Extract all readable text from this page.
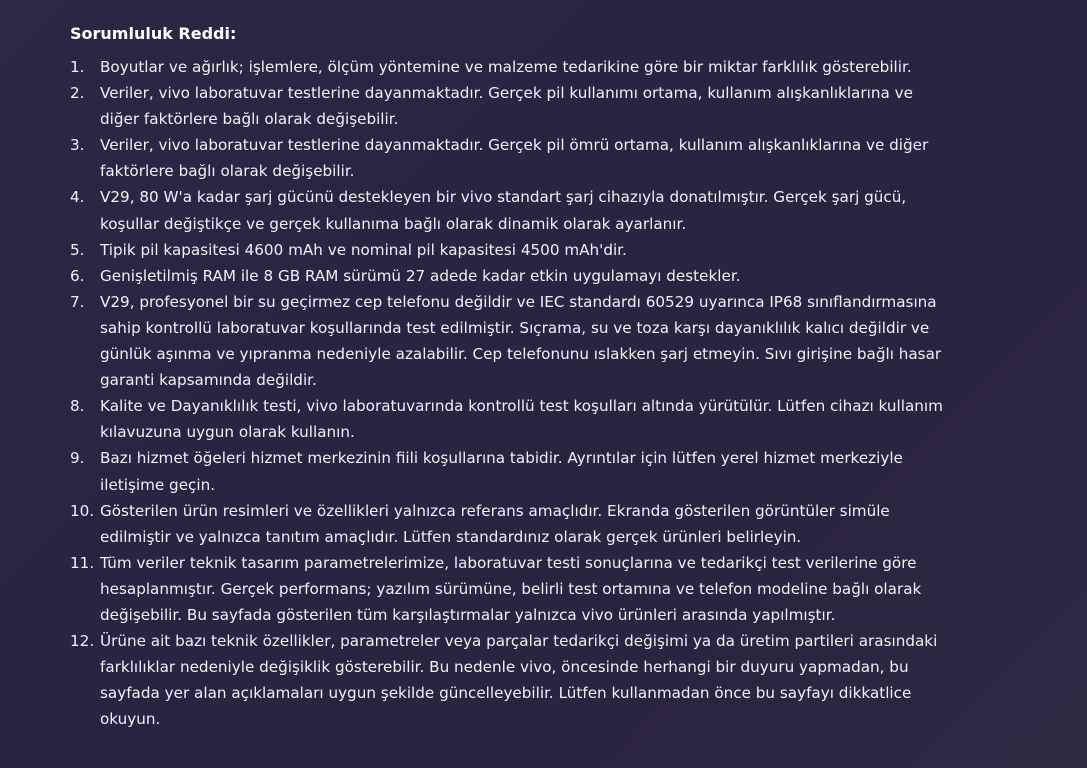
Sorumluluk Reddi:
1.	Boyutlar ve ağırlık; işlemlere, ölçüm yöntemine ve malzeme tedarikine göre bir miktar farklılık gösterebilir.
2.	Veriler, vivo laboratuvar testlerine dayanmaktadır. Gerçek pil kullanımı ortama, kullanım alışkanlıklarına ve diğer faktörlere bağlı olarak değişebilir.
3.	Veriler, vivo laboratuvar testlerine dayanmaktadır. Gerçek pil ömrü ortama, kullanım alışkanlıklarına ve diğer faktörlere bağlı olarak değişebilir.
4.	V29, 80 W'a kadar şarj gücünü destekleyen bir vivo standart şarj cihazıyla donatılmıştır. Gerçek şarj gücü, koşullar değiştikçe ve gerçek kullanıma bağlı olarak dinamik olarak ayarlanır.
5.	Tipik pil kapasitesi 4600 mAh ve nominal pil kapasitesi 4500 mAh'dir.
6.	Genişletilmiş RAM ile 8 GB RAM sürümü 27 adede kadar etkin uygulamayı destekler.
7.	V29, profesyonel bir su geçirmez cep telefonu değildir ve IEC standardı 60529 uyarınca IP68 sınıflandırmasına sahip kontrollü laboratuvar koşullarında test edilmiştir. Sıçrama, su ve toza karşı dayanıklılık kalıcı değildir ve günlük aşınma ve yıpranma nedeniyle azalabilir. Cep telefonunu ıslakken şarj etmeyin. Sıvı girişine bağlı hasar garanti kapsamında değildir.
8.	Kalite ve Dayanıklılık testi, vivo laboratuvarında kontrollü test koşulları altında yürütülür. Lütfen cihazı kullanım kılavuzuna uygun olarak kullanın.
9.	Bazı hizmet öğeleri hizmet merkezinin fiili koşullarına tabidir. Ayrıntılar için lütfen yerel hizmet merkeziyle iletişime geçin.
10. Gösterilen ürün resimleri ve özellikleri yalnızca referans amaçlıdır. Ekranda gösterilen görüntüler simüle edilmiştir ve yalnızca tanıtım amaçlıdır. Lütfen standardınız olarak gerçek ürünleri belirleyin.
11. Tüm veriler teknik tasarım parametrelerimize, laboratuvar testi sonuçlarına ve tedarikçi test verilerine göre hesaplanmıştır. Gerçek performans; yazılım sürümüne, belirli test ortamına ve telefon modeline bağlı olarak değişebilir. Bu sayfada gösterilen tüm karşılaştırmalar yalnızca vivo ürünleri arasında yapılmıştır.
12. Ürüne ait bazı teknik özellikler, parametreler veya parçalar tedarikçi değişimi ya da üretim partileri arasındaki farklılıklar nedeniyle değişiklik gösterebilir. Bu nedenle vivo, öncesinde herhangi bir duyuru yapmadan, bu sayfada yer alan açıklamaları uygun şekilde güncelleyebilir. Lütfen kullanmadan önce bu sayfayı dikkatlice okuyun.
